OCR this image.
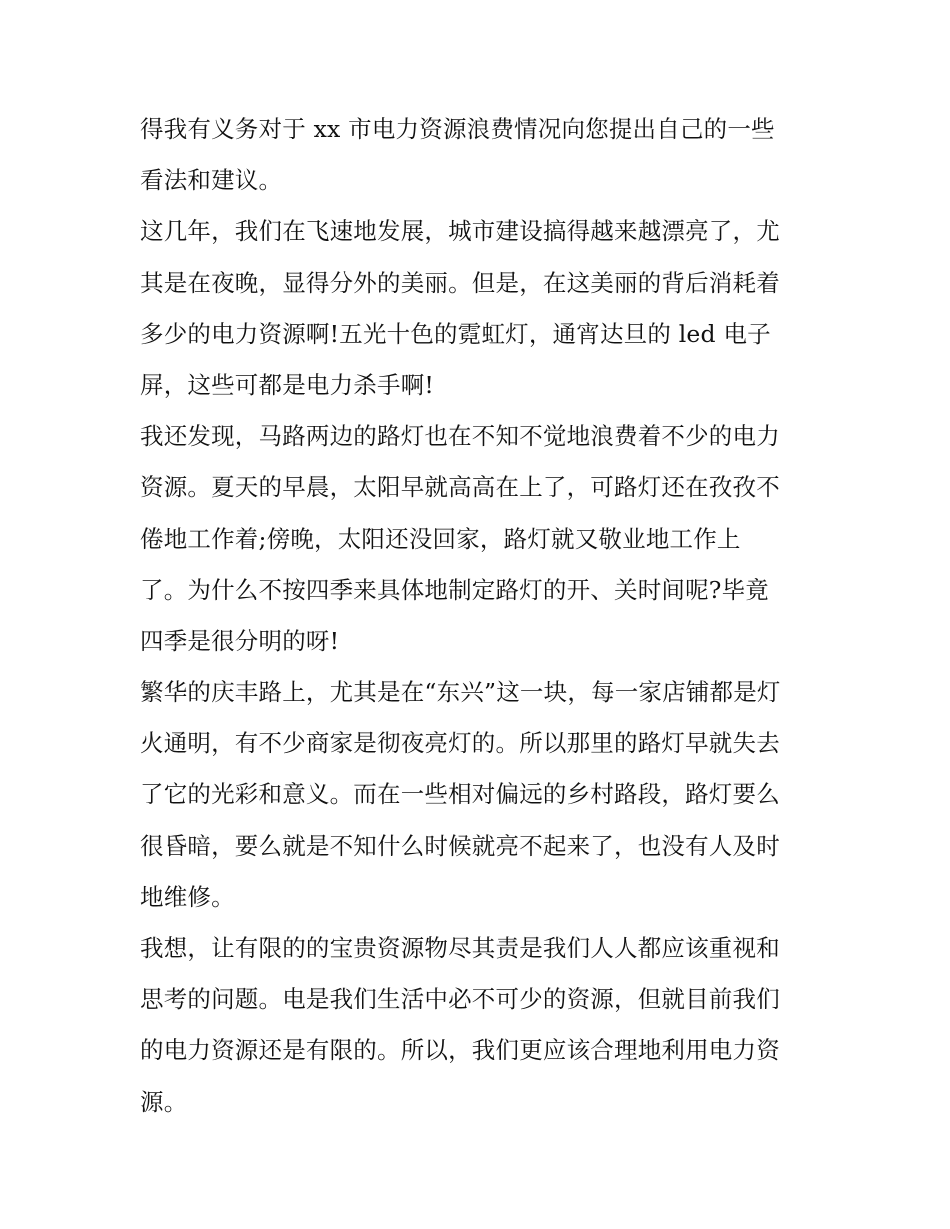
得我有义务对于 xx 市电力资源浪费情况向您提出自己的一些
看法和建议。
这几年，我们在飞速地发展，城市建设搞得越来越漂亮了，尤
其是在夜晚，显得分外的美丽。但是，在这美丽的背后消耗着
多少的电力资源啊!五光十色的霓虹灯，通宵达旦的 led 电子
屏，这些可都是电力杀手啊!
我还发现，马路两边的路灯也在不知不觉地浪费着不少的电力
资源。夏天的早晨，太阳早就高高在上了，可路灯还在孜孜不
倦地工作着;傍晚，太阳还没回家，路灯就又敬业地工作上
了。为什么不按四季来具体地制定路灯的开、关时间呢?毕竟
四季是很分明的呀!
繁华的庆丰路上，尤其是在“东兴”这一块，每一家店铺都是灯
火通明，有不少商家是彻夜亮灯的。所以那里的路灯早就失去
了它的光彩和意义。而在一些相对偏远的乡村路段，路灯要么
很昏暗，要么就是不知什么时候就亮不起来了，也没有人及时
地维修。
我想，让有限的的宝贵资源物尽其责是我们人人都应该重视和
思考的问题。电是我们生活中必不可少的资源，但就目前我们
的电力资源还是有限的。所以，我们更应该合理地利用电力资
源。
